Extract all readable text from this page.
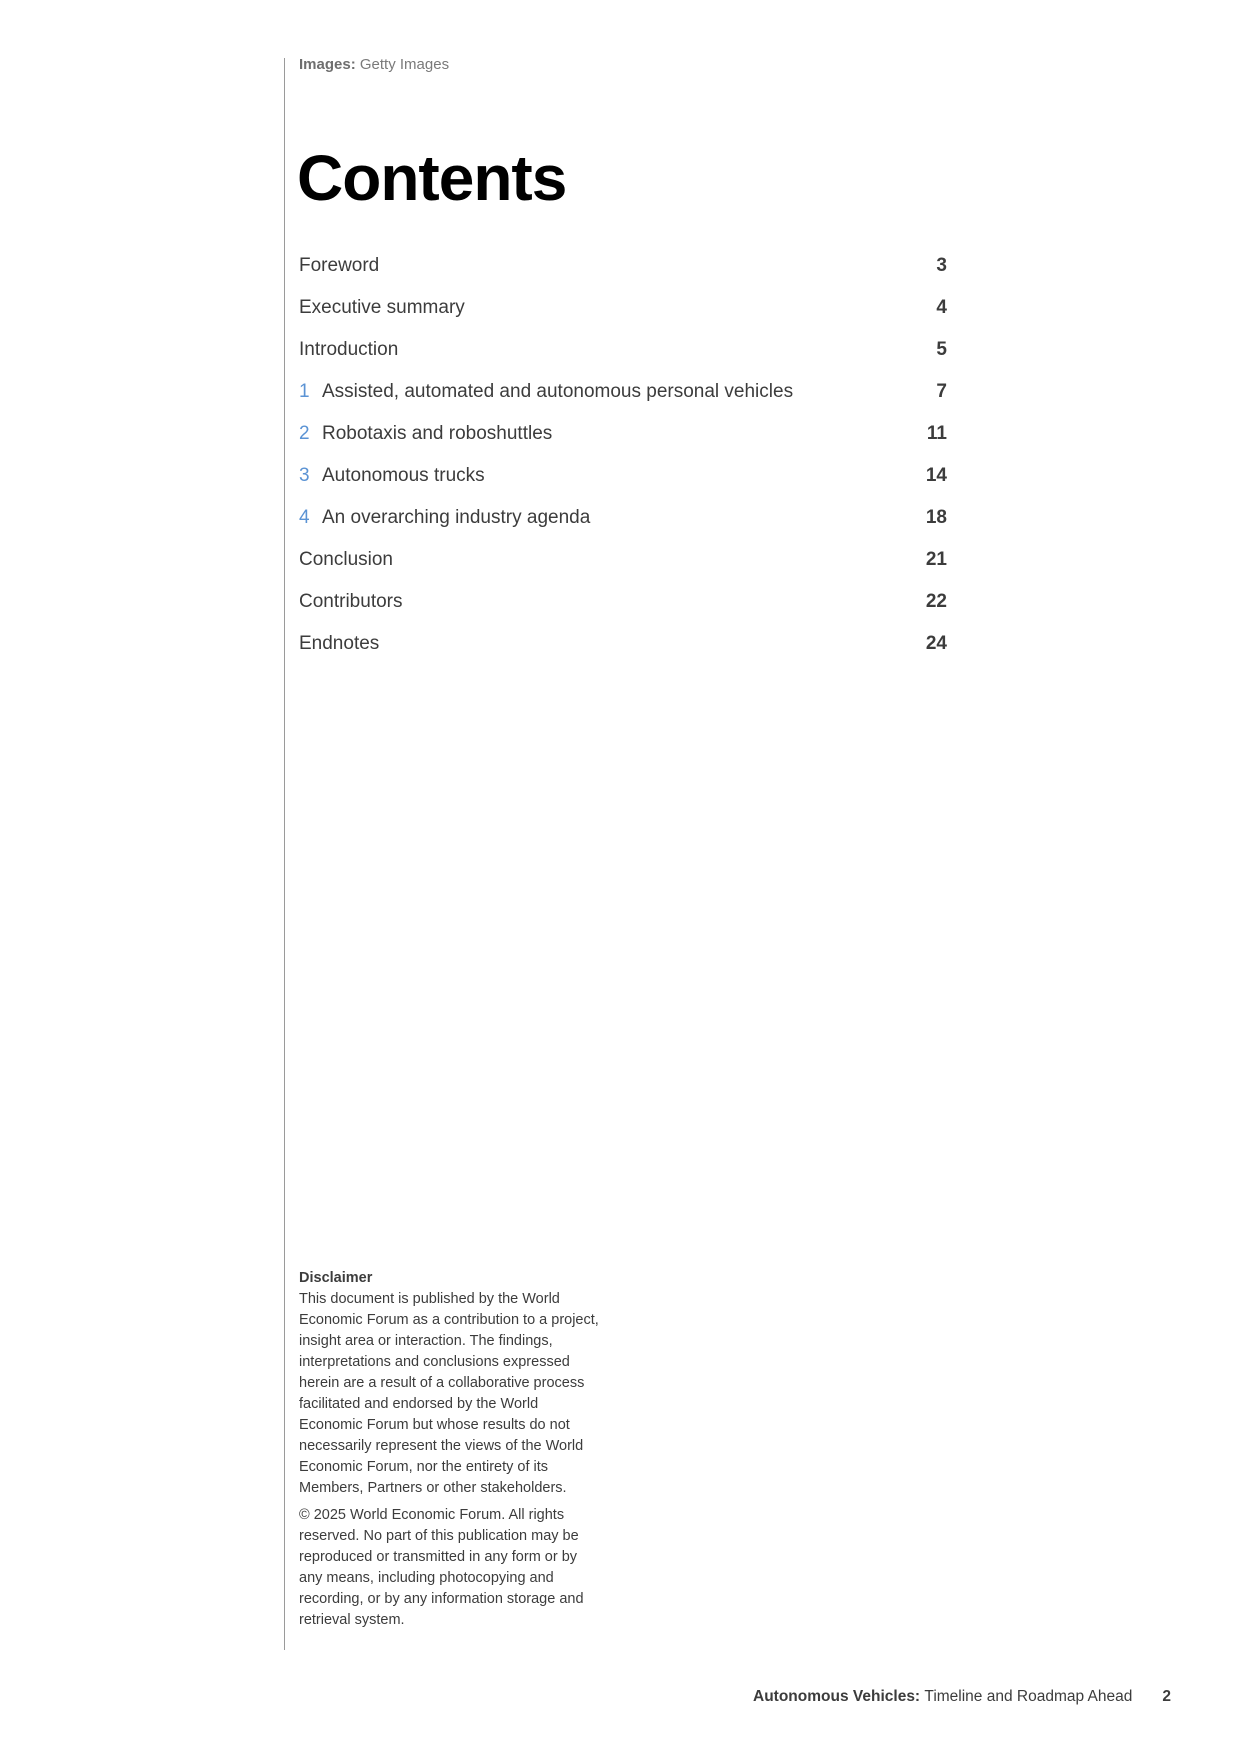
Images: Getty Images
Contents
Foreword	3
Executive summary	4
Introduction	5
1 Assisted, automated and autonomous personal vehicles	7
2 Robotaxis and roboshuttles	11
3 Autonomous trucks	14
4 An overarching industry agenda	18
Conclusion	21
Contributors	22
Endnotes	24

Disclaimer

This document is published by the World Economic Forum as a contribution to a project, insight area or interaction. The findings, interpretations and conclusions expressed herein are a result of a collaborative process facilitated and endorsed by the World Economic Forum but whose results do not necessarily represent the views of the World Economic Forum, nor the entirety of its Members, Partners or other stakeholders.

© 2025 World Economic Forum. All rights reserved. No part of this publication may be reproduced or transmitted in any form or by any means, including photocopying and recording, or by any information storage and retrieval system.

Autonomous Vehicles:
Timeline and Roadmap Ahead 2
